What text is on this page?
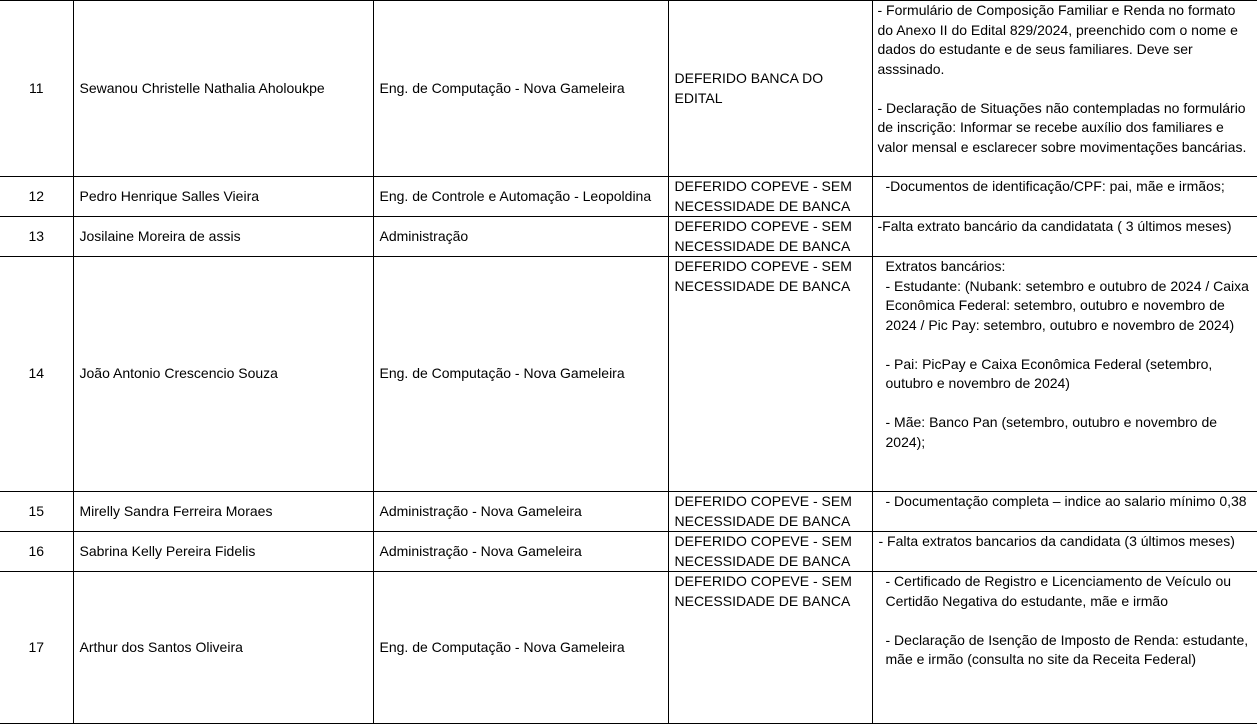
11	Sewanou Christelle Nathalia Aholoukpe	Eng. de Computação - Nova Gameleira	DEFERIDO BANCA DO EDITAL	- Formulário de Composição Familiar e Renda no formato do Anexo II do Edital 829/2024, preenchido com o nome e dados do estudante e de seus familiares. Deve ser asssinado.

- Declaração de Situações não contempladas no formulário de inscrição: Informar se recebe auxílio dos familiares e valor mensal e esclarecer sobre movimentações bancárias.

12	Pedro Henrique Salles Vieira	Eng. de Controle e Automação - Leopoldina	DEFERIDO COPEVE - SEM
NECESSIDADE DE BANCA	-Documentos de identificação/CPF: pai, mãe e irmãos;

13	Josilaine Moreira de assis	Administração	DEFERIDO COPEVE - SEM
NECESSIDADE DE BANCA	-Falta extrato bancário da candidatata ( 3 últimos meses)

14	João Antonio Crescencio Souza	Eng. de Computação - Nova Gameleira	DEFERIDO COPEVE - SEM
NECESSIDADE DE BANCA	Extratos bancários:
- Estudante: (Nubank: setembro e outubro de 2024 / Caixa Econômica Federal: setembro, outubro e novembro de 2024 / Pic Pay: setembro, outubro e novembro de 2024)

- Pai: PicPay e Caixa Econômica Federal (setembro, outubro e novembro de 2024)

- Mãe: Banco Pan (setembro, outubro e novembro de 2024);

15	Mirelly Sandra Ferreira Moraes	Administração - Nova Gameleira	DEFERIDO COPEVE - SEM
NECESSIDADE DE BANCA	- Documentação completa – indice ao salario mínimo 0,38

16	Sabrina Kelly Pereira Fidelis	Administração - Nova Gameleira	DEFERIDO COPEVE - SEM
NECESSIDADE DE BANCA	- Falta extratos bancarios da candidata (3 últimos meses)

17	Arthur dos Santos Oliveira	Eng. de Computação - Nova Gameleira	DEFERIDO COPEVE - SEM
NECESSIDADE DE BANCA	- Certificado de Registro e Licenciamento de Veículo ou Certidão Negativa do estudante, mãe e irmão

- Declaração de Isenção de Imposto de Renda: estudante, mãe e irmão (consulta no site da Receita Federal)
